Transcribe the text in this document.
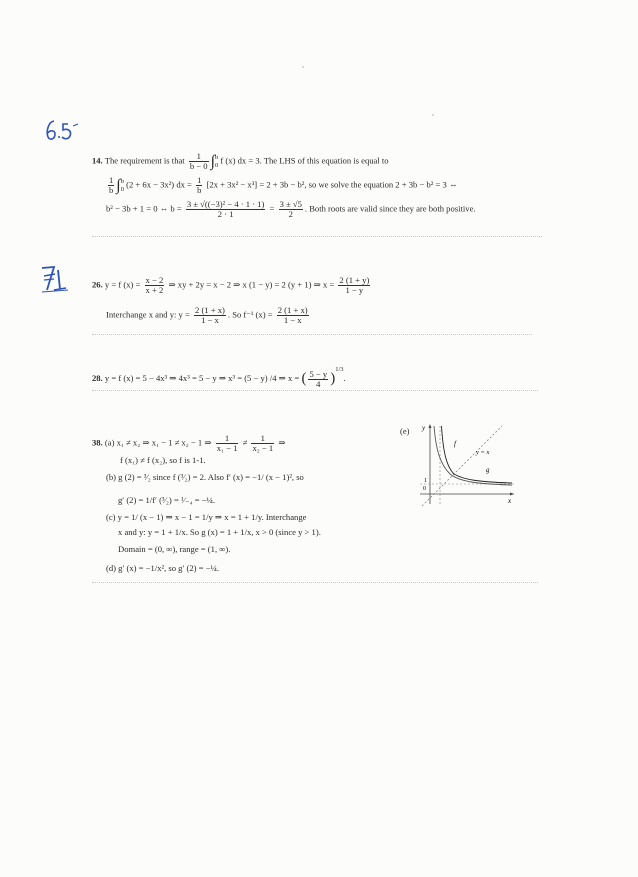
14. The requirement is that $\frac{1}{b - 0}$ ∫ b
0 f (x) dx = 3. The LHS of this equation is equal to
$\frac{1}{b}$ ∫ b
0 (2 + 6x − 3x²) dx = $\frac{1}{b} [2x + 3x^2 - x^3] = 2 + 3b - b^2$, so we solve the equation 2 + 3b − b² = 3 ⇔
b² − 3b + 1 = 0 ⇔ $b = \frac{\text{3 ± √((−3)² − 4 · 1 · 1)}}{2 \cdot 1} = \frac{3 \pm √5}{2}$ . Both roots are valid since they are both positive.
26. y = f $(x) = \frac{x - 2}{x + 2}$ ⇒ xy + 2y = x − 2 ⇒ x (1 − y) = 2 (y + 1) ⇒ $x = \frac{2 (1 + y)}{1 - y}$
Interchange x and y: $y = \frac{2 (1 + x)}{1 - x}$ . So f⁻¹ $(x) = \frac{2 (1 + x)}{1 - x}$
28. y = f (x) = 5 − 4x³ ⇒ 4x³ = 5 − y ⇒ x³ = (5 − y) /4 ⇒ x = ( $\frac{5 - y}{4} )^{1/3}$.
38. (a) x₁ ≠ x₂ ⇒ x₁ − 1 ≠ x₂ − 1 ⇒ $\frac{1}{\text{x₁ − 1}} \ne \frac{1}{\text{x₂ − 1}}$ ⇒
f (x₁) ≠ f (x₂), so f is 1-1.
(b) g (2) = ³⁄₂ since f (³⁄₂) = 2. Also f′ (x) = −1/ (x − 1)², so
g′ (2) = 1/f′ (³⁄₂) = ¹⁄₋₄ = −¼.
(c) y = 1/ (x − 1) ⇒ x − 1 = 1/y ⇒ x = 1 + 1/y. Interchange
x and y: y = 1 + 1/x. So g (x) = 1 + 1/x, x > 0 (since y > 1).
Domain = (0, ∞), range = (1, ∞).
(d) g′ (x) = −1/x², so g′ (2) = −¼.
(e)
f
g
y = x
y
x
0
1
